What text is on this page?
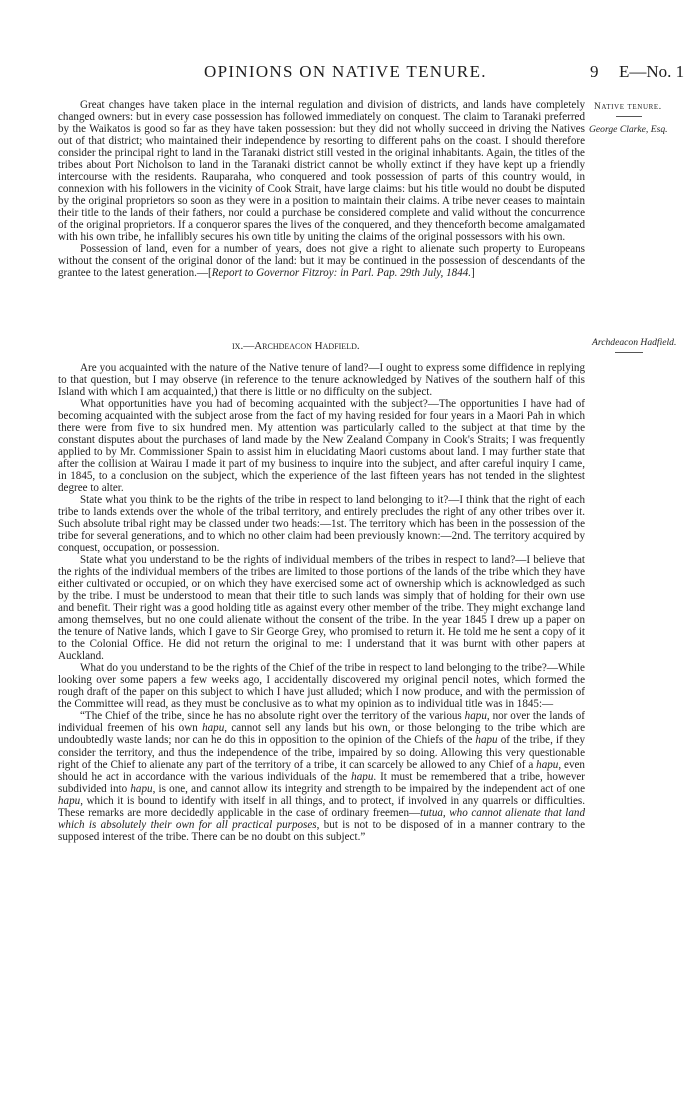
OPINIONS ON NATIVE TENURE.	9 E—No. 1
Native tenure.
George Clarke, Esq.
Archdeacon Hadfield.

Great changes have taken place in the internal regulation and division of districts, and lands have completely changed owners: but in every case possession has followed immediately on conquest. The claim to Taranaki preferred by the Waikatos is good so far as they have taken possession: but they did not wholly succeed in driving the Natives out of that district; who maintained their independence by resorting to different pahs on the coast. I should therefore consider the principal right to land in the Taranaki district still vested in the original inhabitants. Again, the titles of the tribes about Port Nicholson to land in the Taranaki district cannot be wholly extinct if they have kept up a friendly intercourse with the residents. Rauparaha, who conquered and took possession of parts of this country would, in connexion with his followers in the vicinity of Cook Strait, have large claims: but his title would no doubt be disputed by the original proprietors so soon as they were in a position to maintain their claims. A tribe never ceases to maintain their title to the lands of their fathers, nor could a purchase be considered complete and valid without the concurrence of the original proprietors. If a conqueror spares the lives of the conquered, and they thenceforth become amalgamated with his own tribe, he infallibly secures his own title by uniting the claims of the original possessors with his own.

Possession of land, even for a number of years, does not give a right to alienate such property to Europeans without the consent of the original donor of the land: but it may be continued in the possession of descendants of the grantee to the latest generation.—[Report to Governor Fitzroy: in Parl. Pap. 29th July, 1844.]

ix.—Archdeacon Hadfield.

Are you acquainted with the nature of the Native tenure of land?—I ought to express some diffidence in replying to that question, but I may observe (in reference to the tenure acknowledged by Natives of the southern half of this Island with which I am acquainted,) that there is little or no difficulty on the subject.

What opportunities have you had of becoming acquainted with the subject?—The opportunities I have had of becoming acquainted with the subject arose from the fact of my having resided for four years in a Maori Pah in which there were from five to six hundred men. My attention was particularly called to the subject at that time by the constant disputes about the purchases of land made by the New Zealand Company in Cook's Straits; I was frequently applied to by Mr. Commissioner Spain to assist him in elucidating Maori customs about land. I may further state that after the collision at Wairau I made it part of my business to inquire into the subject, and after careful inquiry I came, in 1845, to a conclusion on the subject, which the experience of the last fifteen years has not tended in the slightest degree to alter.

State what you think to be the rights of the tribe in respect to land belonging to it?—I think that the right of each tribe to lands extends over the whole of the tribal territory, and entirely precludes the right of any other tribes over it. Such absolute tribal right may be classed under two heads:—1st. The territory which has been in the possession of the tribe for several generations, and to which no other claim had been previously known:—2nd. The territory acquired by conquest, occupation, or possession.

State what you understand to be the rights of individual members of the tribes in respect to land?—I believe that the rights of the individual members of the tribes are limited to those portions of the lands of the tribe which they have either cultivated or occupied, or on which they have exercised some act of ownership which is acknowledged as such by the tribe. I must be understood to mean that their title to such lands was simply that of holding for their own use and benefit. Their right was a good holding title as against every other member of the tribe. They might exchange land among themselves, but no one could alienate without the consent of the tribe. In the year 1845 I drew up a paper on the tenure of Native lands, which I gave to Sir George Grey, who promised to return it. He told me he sent a copy of it to the Colonial Office. He did not return the original to me: I understand that it was burnt with other papers at Auckland.

What do you understand to be the rights of the Chief of the tribe in respect to land belonging to the tribe?—While looking over some papers a few weeks ago, I accidentally discovered my original pencil notes, which formed the rough draft of the paper on this subject to which I have just alluded; which I now produce, and with the permission of the Committee will read, as they must be conclusive as to what my opinion as to individual title was in 1845:—

“The Chief of the tribe, since he has no absolute right over the territory of the various hapu, nor over the lands of individual freemen of his own hapu, cannot sell any lands but his own, or those belonging to the tribe which are undoubtedly waste lands; nor can he do this in opposition to the opinion of the Chiefs of the hapu of the tribe, if they consider the territory, and thus the independence of the tribe, impaired by so doing. Allowing this very questionable right of the Chief to alienate any part of the territory of a tribe, it can scarcely be allowed to any Chief of a hapu, even should he act in accordance with the various individuals of the hapu. It must be remembered that a tribe, however subdivided into hapu, is one, and cannot allow its integrity and strength to be impaired by the independent act of one hapu, which it is bound to identify with itself in all things, and to protect, if involved in any quarrels or difficulties. These remarks are more decidedly applicable in the case of ordinary freemen—tutua, who cannot alienate that land which is absolutely their own for all practical purposes, but is not to be disposed of in a manner contrary to the supposed interest of the tribe. There can be no doubt on this subject.”
